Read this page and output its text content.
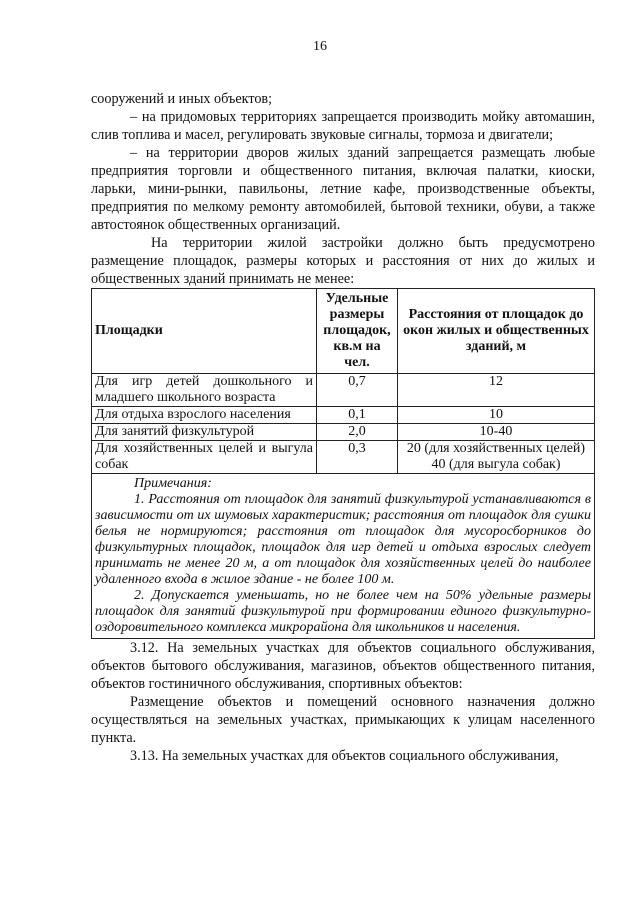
16

сооружений и иных объектов;

– на придомовых территориях запрещается производить мойку автомашин, слив топлива и масел, регулировать звуковые сигналы, тормоза и двигатели;

– на территории дворов жилых зданий запрещается размещать любые предприятия торговли и общественного питания, включая палатки, киоски, ларьки, мини-рынки, павильоны, летние кафе, производственные объекты, предприятия по мелкому ремонту автомобилей, бытовой техники, обуви, а также автостоянок общественных организаций.

На территории жилой застройки должно быть предусмотрено размещение площадок, размеры которых и расстояния от них до жилых и общественных зданий принимать не менее:

Площадки	Удельные размеры площадок, кв.м на чел.	Расстояния от площадок до окон жилых и общественных зданий, м
Для игр детей дошкольного и младшего школьного возраста	0,7	12
Для отдыха взрослого населения	0,1	10
Для занятий физкультурой	2,0	10-40
Для хозяйственных целей и выгула собак	0,3	20 (для хозяйственных целей)
40 (для выгула собак)

Примечания:

1. Расстояния от площадок для занятий физкультурой устанавливаются в зависимости от их шумовых характеристик; расстояния от площадок для сушки белья не нормируются; расстояния от площадок для мусоросборников до физкультурных площадок, площадок для игр детей и отдыха взрослых следует принимать не менее 20 м, а от площадок для хозяйственных целей до наиболее удаленного входа в жилое здание - не более 100 м.

2. Допускается уменьшать, но не более чем на 50% удельные размеры площадок для занятий физкультурой при формировании единого физкультурно-оздоровительного комплекса микрорайона для школьников и населения.		

3.12. На земельных участках для объектов социального обслуживания, объектов бытового обслуживания, магазинов, объектов общественного питания, объектов гостиничного обслуживания, спортивных объектов:

Размещение объектов и помещений основного назначения должно осуществляться на земельных участках, примыкающих к улицам населенного пункта.

3.13. На земельных участках для объектов социального обслуживания,
